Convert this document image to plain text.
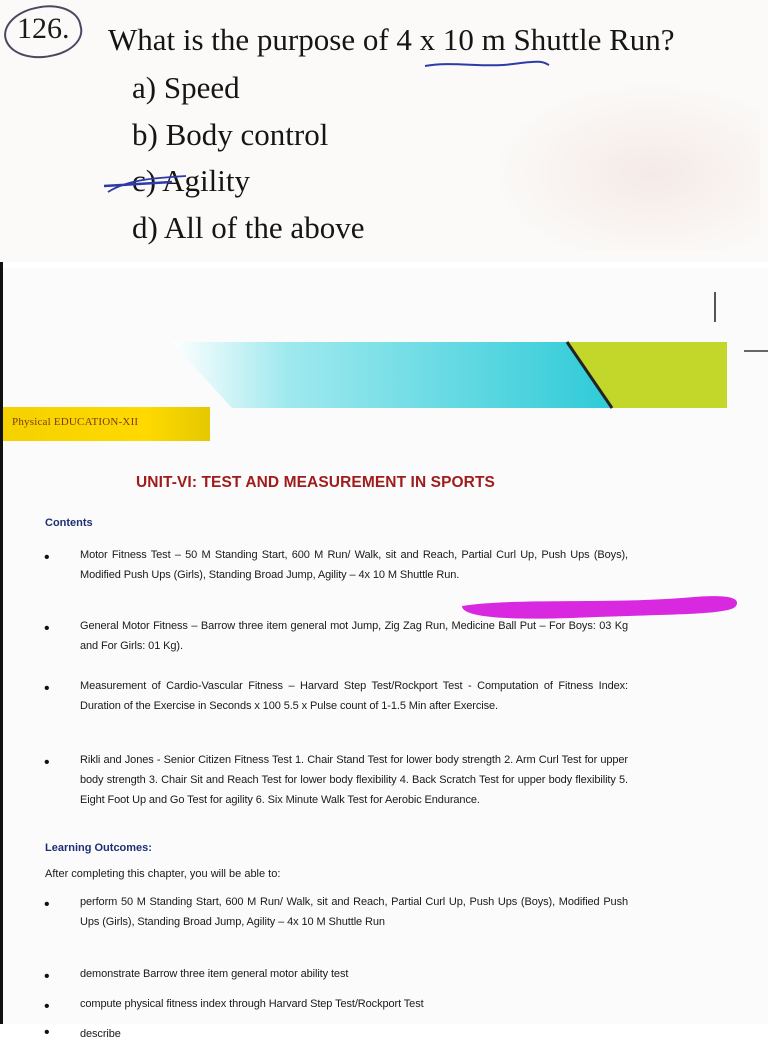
126. What is the purpose of 4 x 10 m Shuttle Run?
a) Speed
b) Body control
c) Agility
d) All of the above
Physical EDUCATION-XII
UNIT-VI: TEST AND MEASUREMENT IN SPORTS
Contents
•	Motor Fitness Test – 50 M Standing Start, 600 M Run/ Walk, sit and Reach, Partial Curl Up, Push Ups (Boys), Modified Push Ups (Girls), Standing Broad Jump, Agility – 4x 10 M Shuttle Run.
•	General Motor Fitness – Barrow three item general mot Jump, Zig Zag Run, Medicine Ball Put – For Boys: 03 Kg and For Girls: 01 Kg).
•	Measurement of Cardio-Vascular Fitness – Harvard Step Test/Rockport Test - Computation of Fitness Index: Duration of the Exercise in Seconds x 100 5.5 x Pulse count of 1-1.5 Min after Exercise.
•	Rikli and Jones - Senior Citizen Fitness Test 1. Chair Stand Test for lower body strength 2. Arm Curl Test for upper body strength 3. Chair Sit and Reach Test for lower body flexibility 4. Back Scratch Test for upper body flexibility 5. Eight Foot Up and Go Test for agility 6. Six Minute Walk Test for Aerobic Endurance.
Learning Outcomes:
After completing this chapter, you will be able to:
•	perform 50 M Standing Start, 600 M Run/ Walk, sit and Reach, Partial Curl Up, Push Ups (Boys), Modified Push Ups (Girls), Standing Broad Jump, Agility – 4x 10 M Shuttle Run
•	demonstrate Barrow three item general motor ability test
•	compute physical fitness index through Harvard Step Test/Rockport Test
•	describe
